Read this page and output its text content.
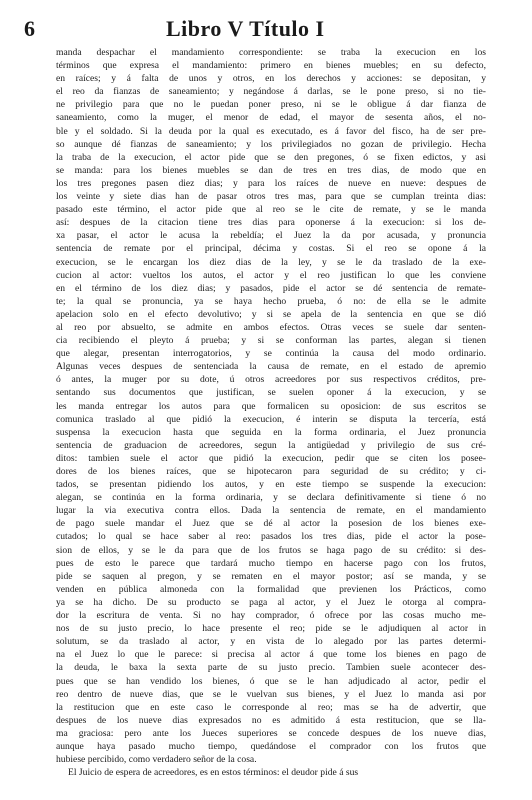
6	Libro V Título I
manda despachar el mandamiento correspondiente: se traba la execucion en los
términos que expresa el mandamiento: primero en bienes muebles; en su defecto,
en raíces; y á falta de unos y otros, en los derechos y acciones: se depositan, y
el reo da fianzas de saneamiento; y negándose á darlas, se le pone preso, si no tie-
ne privilegio para que no le puedan poner preso, ni se le obligue á dar fianza de
saneamiento, como la muger, el menor de edad, el mayor de sesenta años, el no-
ble y el soldado. Si la deuda por la qual es executado, es á favor del fisco, ha de ser pre-
so aunque dé fianzas de saneamiento; y los privilegiados no gozan de privilegio. Hecha
la traba de la execucion, el actor pide que se den pregones, ó se fixen edictos, y asi
se manda: para los bienes muebles se dan de tres en tres dias, de modo que en
los tres pregones pasen diez dias; y para los raíces de nueve en nueve: despues de
los veinte y siete dias han de pasar otros tres mas, para que se cumplan treinta dias:
pasado este término, el actor pide que al reo se le cite de remate, y se le manda
así: despues de la citacion tiene tres dias para oponerse á la execucion: si los de-
xa pasar, el actor le acusa la rebeldía; el Juez la da por acusada, y pronuncia
sentencia de remate por el principal, décima y costas. Si el reo se opone á la
execucion, se le encargan los diez dias de la ley, y se le da traslado de la exe-
cucion al actor: vueltos los autos, el actor y el reo justifican lo que les conviene
en el término de los diez dias; y pasados, pide el actor se dé sentencia de remate-
te; la qual se pronuncia, ya se haya hecho prueba, ó no: de ella se le admite
apelacion solo en el efecto devolutivo; y si se apela de la sentencia en que se dió
al reo por absuelto, se admite en ambos efectos. Otras veces se suele dar senten-
cia recibiendo el pleyto á prueba; y si se conforman las partes, alegan si tienen
que alegar, presentan interrogatorios, y se continúa la causa del modo ordinario.
Algunas veces despues de sentenciada la causa de remate, en el estado de apremio
ó antes, la muger por su dote, ú otros acreedores por sus respectivos créditos, pre-
sentando sus documentos que justifican, se suelen oponer á la execucion, y se
les manda entregar los autos para que formalicen su oposicion: de sus escritos se
comunica traslado al que pidió la execucion, é interin se disputa la tercería, está
suspensa la execucion hasta que seguida en la forma ordinaria, el Juez pronuncia
sentencia de graduacion de acreedores, segun la antigüedad y privilegio de sus cré-
ditos: tambien suele el actor que pidió la execucion, pedir que se citen los posee-
dores de los bienes raíces, que se hipotecaron para seguridad de su crédito; y ci-
tados, se presentan pidiendo los autos, y en este tiempo se suspende la execucion:
alegan, se continúa en la forma ordinaria, y se declara definitivamente si tiene ó no
lugar la via executiva contra ellos. Dada la sentencia de remate, en el mandamiento
de pago suele mandar el Juez que se dé al actor la posesion de los bienes exe-
cutados; lo qual se hace saber al reo: pasados los tres dias, pide el actor la pose-
sion de ellos, y se le da para que de los frutos se haga pago de su crédito: si des-
pues de esto le parece que tardará mucho tiempo en hacerse pago con los frutos,
pide se saquen al pregon, y se rematen en el mayor postor; así se manda, y se
venden en pública almoneda con la formalidad que previenen los Prácticos, como
ya se ha dicho. De su producto se paga al actor, y el Juez le otorga al compra-
dor la escritura de venta. Si no hay comprador, ó ofrece por las cosas mucho me-
nos de su justo precio, lo hace presente el reo; pide se le adjudiquen al actor in
solutum, se da traslado al actor, y en vista de lo alegado por las partes determi-
na el Juez lo que le parece: si precisa al actor á que tome los bienes en pago de
la deuda, le baxa la sexta parte de su justo precio. Tambien suele acontecer des-
pues que se han vendido los bienes, ó que se le han adjudicado al actor, pedir el
reo dentro de nueve dias, que se le vuelvan sus bienes, y el Juez lo manda asi por
la restitucion que en este caso le corresponde al reo; mas se ha de advertir, que
despues de los nueve dias expresados no es admitido á esta restitucion, que se lla-
ma graciosa: pero ante los Jueces superiores se concede despues de los nueve dias,
aunque haya pasado mucho tiempo, quedándose el comprador con los frutos que
hubiese percibido, como verdadero señor de la cosa.
El Juicio de espera de acreedores, es en estos términos: el deudor pide á sus
